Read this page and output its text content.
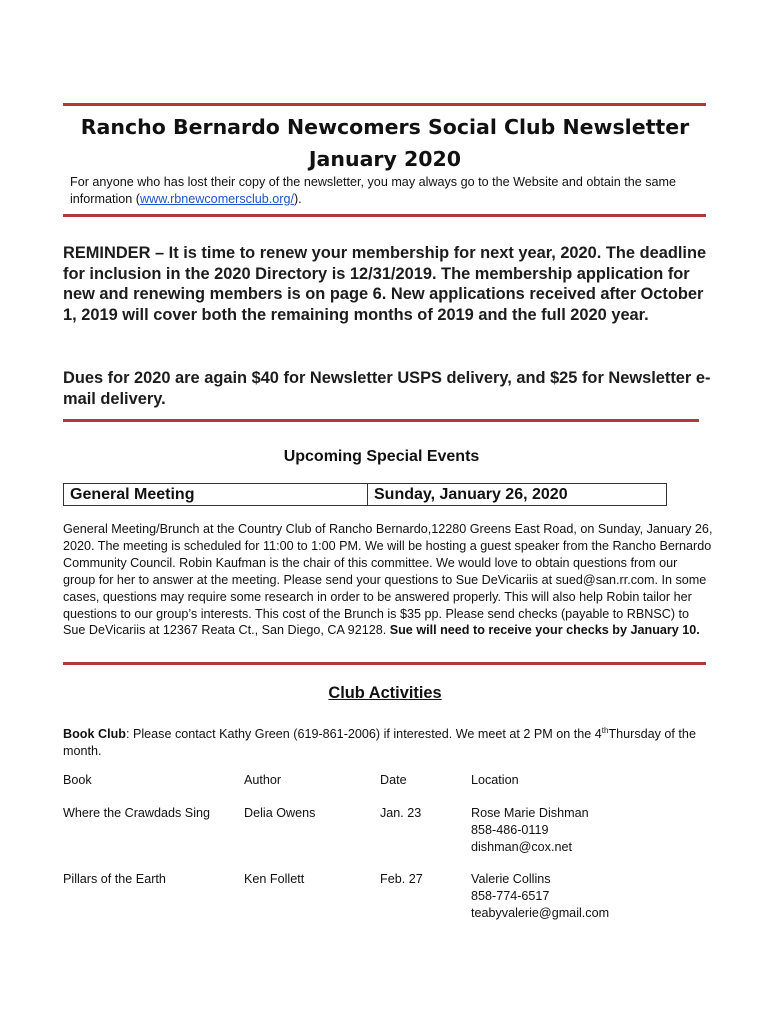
Rancho Bernardo Newcomers Social Club Newsletter
January 2020
For anyone who has lost their copy of the newsletter, you may always go to the Website and obtain the same information (www.rbnewcomersclub.org/).
REMINDER – It is time to renew your membership for next year, 2020. The deadline for inclusion in the 2020 Directory is 12/31/2019. The membership application for new and renewing members is on page 6. New applications received after October 1, 2019 will cover both the remaining months of 2019 and the full 2020 year.
Dues for 2020 are again $40 for Newsletter USPS delivery, and $25 for Newsletter e-mail delivery.
Upcoming Special Events
General Meeting	Sunday, January 26, 2020
General Meeting/Brunch at the Country Club of Rancho Bernardo,12280 Greens East Road, on Sunday, January 26, 2020. The meeting is scheduled for 11:00 to 1:00 PM. We will be hosting a guest speaker from the Rancho Bernardo Community Council. Robin Kaufman is the chair of this committee. We would love to obtain questions from our group for her to answer at the meeting. Please send your questions to Sue DeVicariis at sued@san.rr.com. In some cases, questions may require some research in order to be answered properly. This will also help Robin tailor her questions to our group’s interests. This cost of the Brunch is $35 pp. Please send checks (payable to RBNSC) to Sue DeVicariis at 12367 Reata Ct., San Diego, CA 92128. Sue will need to receive your checks by January 10.
Club Activities
Book Club: Please contact Kathy Green (619-861-2006) if interested. We meet at 2 PM on the 4thThursday of the month.
Book	Author	Date	Location
Where the Crawdads Sing	Delia Owens	Jan. 23	Rose Marie Dishman
858-486-0119
dishman@cox.net
Pillars of the Earth	Ken Follett	Feb. 27	Valerie Collins
858-774-6517
teabyvalerie@gmail.com
